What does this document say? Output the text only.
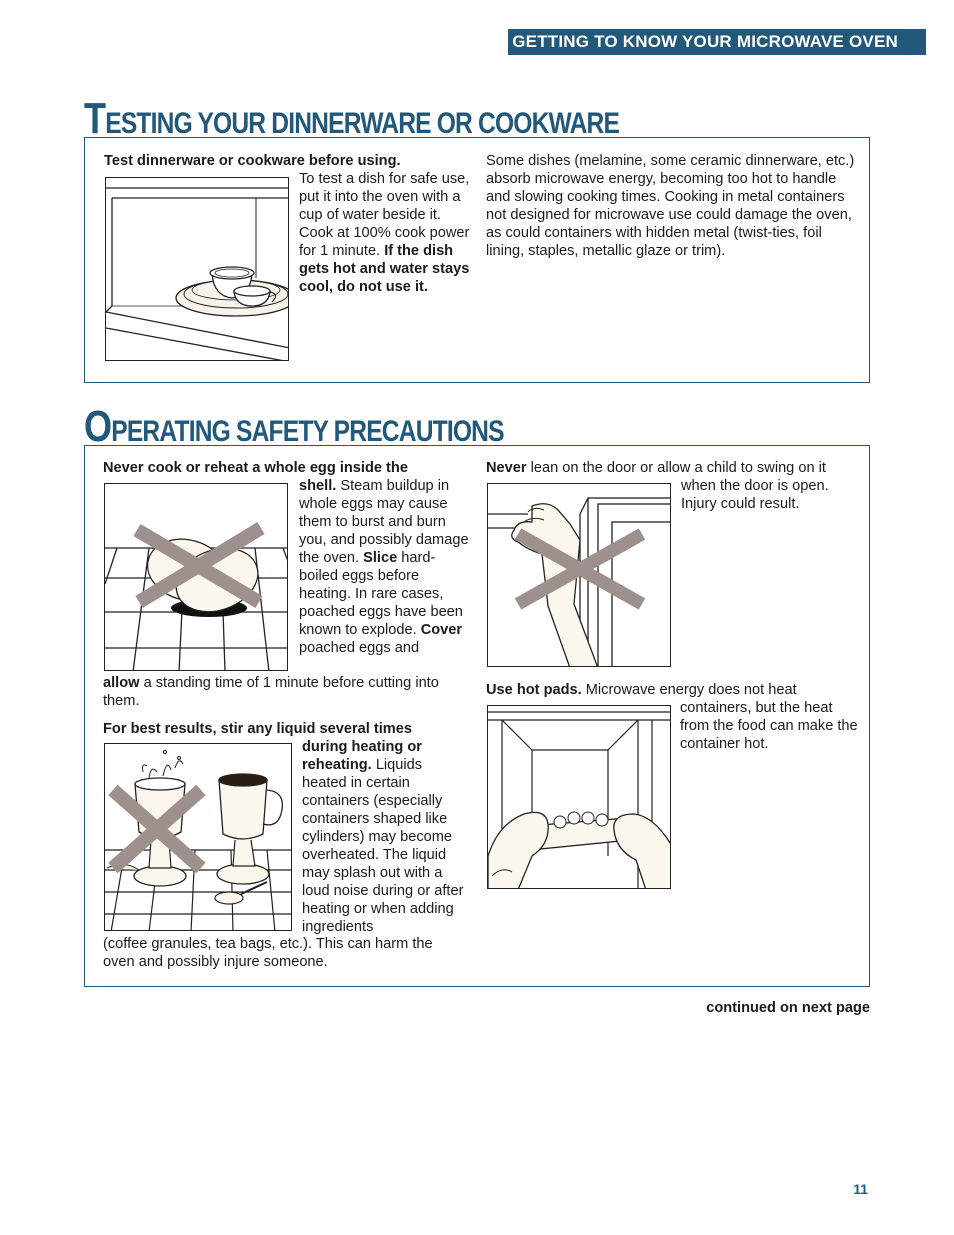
GETTING TO KNOW YOUR MICROWAVE OVEN
TESTING YOUR DINNERWARE OR COOKWARE

Test dinnerware or cookware before using.

To test a dish for safe use, put it into the oven with a cup of water beside it. Cook at 100% cook power for 1 minute. If the dish gets hot and water stays cool, do not use it.

Some dishes (melamine, some ceramic dinnerware, etc.) absorb microwave energy, becoming too hot to handle and slowing cooking times. Cooking in metal containers not designed for microwave use could damage the oven, as could containers with hidden metal (twist-ties, foil lining, staples, metallic glaze or trim).

OPERATING SAFETY PRECAUTIONS

Never cook or reheat a whole egg inside the

shell. Steam buildup in whole eggs may cause them to burst and burn you, and possibly damage the oven. Slice hard-boiled eggs before heating. In rare cases, poached eggs have been known to explode. Cover poached eggs and

allow a standing time of 1 minute before cutting into them.

For best results, stir any liquid several times

during heating or reheating. Liquids heated in certain containers (especially containers shaped like cylinders) may become overheated. The liquid may splash out with a loud noise during or after heating or when adding ingredients

(coffee granules, tea bags, etc.). This can harm the oven and possibly injure someone.

Never lean on the door or allow a child to swing on it

when the door is open. Injury could result.

Use hot pads. Microwave energy does not heat

containers, but the heat from the food can make the container hot.

continued on next page
11
